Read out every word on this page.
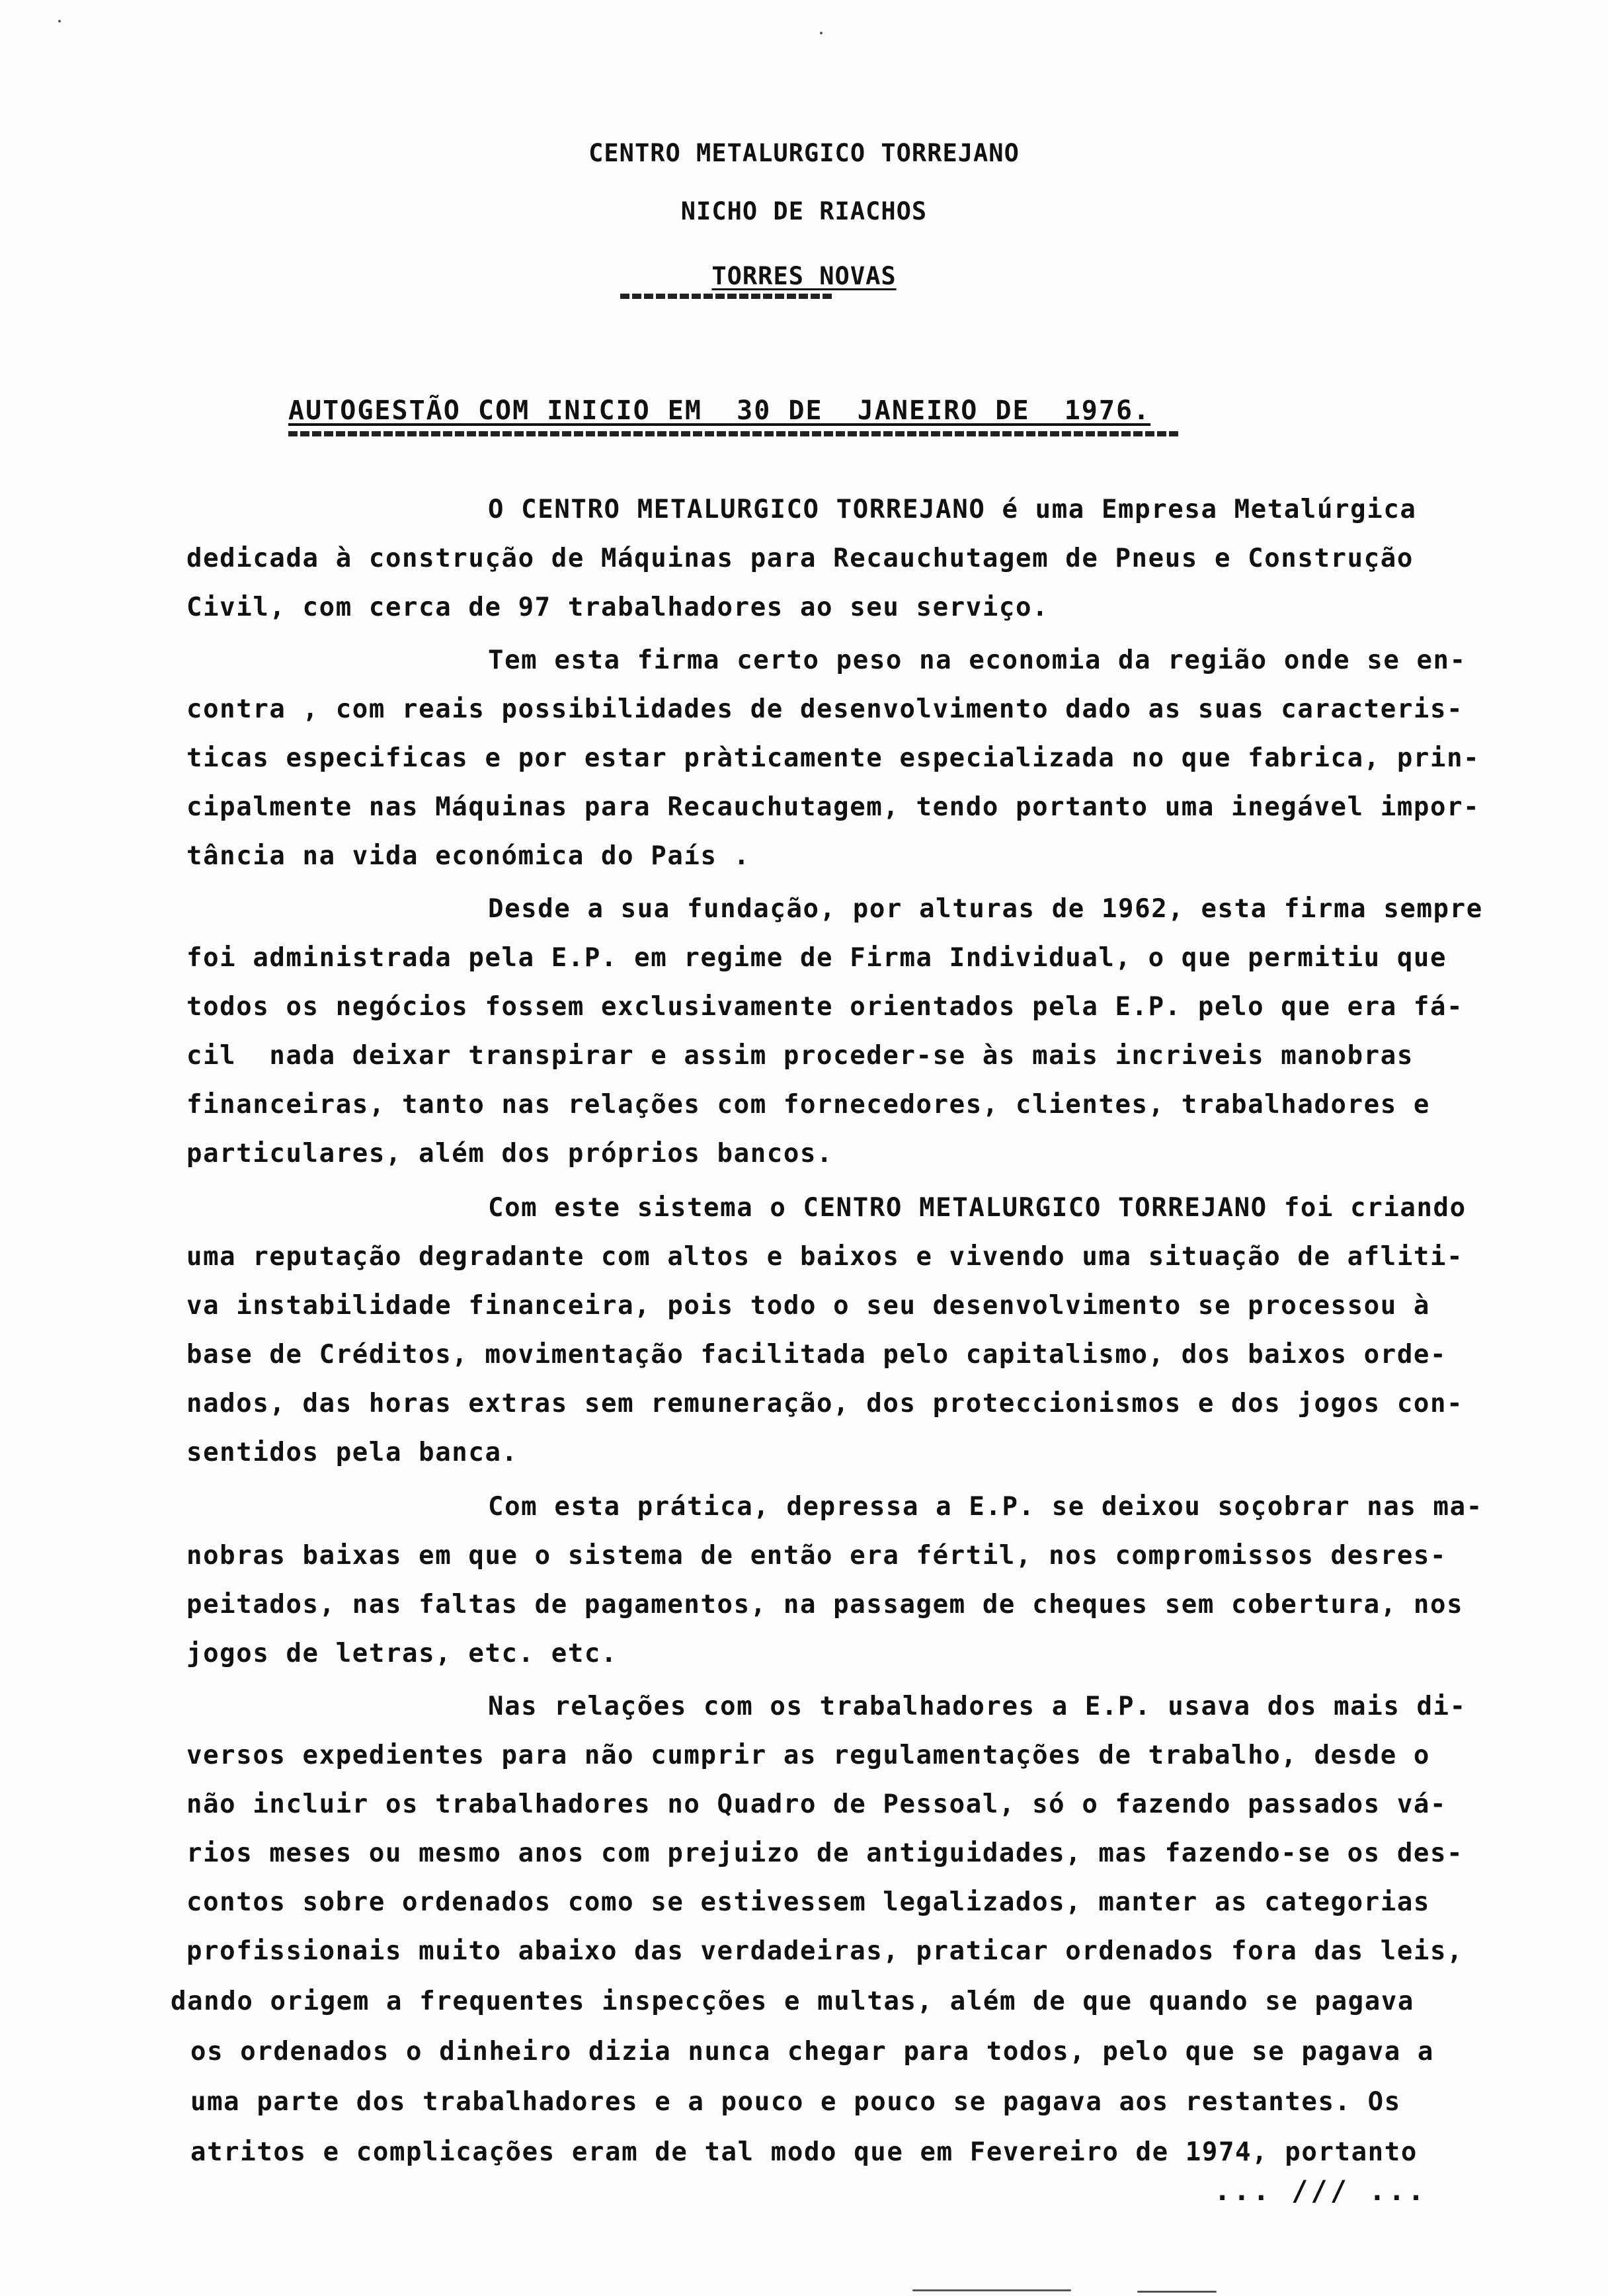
CENTRO METALURGICO TORREJANO
NICHO DE RIACHOS
TORRES NOVAS
AUTOGESTÃO COM INICIO EM  30 DE  JANEIRO DE  1976.
O CENTRO METALURGICO TORREJANO é uma Empresa Metalúrgica
dedicada à construção de Máquinas para Recauchutagem de Pneus e Construção
Civil, com cerca de 97 trabalhadores ao seu serviço.
Tem esta firma certo peso na economia da região onde se en-
contra , com reais possibilidades de desenvolvimento dado as suas caracteris-
ticas especificas e por estar pràticamente especializada no que fabrica, prin-
cipalmente nas Máquinas para Recauchutagem, tendo portanto uma inegável impor-
tância na vida económica do País .
Desde a sua fundação, por alturas de 1962, esta firma sempre
foi administrada pela E.P. em regime de Firma Individual, o que permitiu que
todos os negócios fossem exclusivamente orientados pela E.P. pelo que era fá-
cil  nada deixar transpirar e assim proceder-se às mais incriveis manobras
financeiras, tanto nas relações com fornecedores, clientes, trabalhadores e
particulares, além dos próprios bancos.
Com este sistema o CENTRO METALURGICO TORREJANO foi criando
uma reputação degradante com altos e baixos e vivendo uma situação de afliti-
va instabilidade financeira, pois todo o seu desenvolvimento se processou à
base de Créditos, movimentação facilitada pelo capitalismo, dos baixos orde-
nados, das horas extras sem remuneração, dos proteccionismos e dos jogos con-
sentidos pela banca.
Com esta prática, depressa a E.P. se deixou soçobrar nas ma-
nobras baixas em que o sistema de então era fértil, nos compromissos desres-
peitados, nas faltas de pagamentos, na passagem de cheques sem cobertura, nos
jogos de letras, etc. etc.
Nas relações com os trabalhadores a E.P. usava dos mais di-
versos expedientes para não cumprir as regulamentações de trabalho, desde o
não incluir os trabalhadores no Quadro de Pessoal, só o fazendo passados vá-
rios meses ou mesmo anos com prejuizo de antiguidades, mas fazendo-se os des-
contos sobre ordenados como se estivessem legalizados, manter as categorias
profissionais muito abaixo das verdadeiras, praticar ordenados fora das leis,
dando origem a frequentes inspecções e multas, além de que quando se pagava
os ordenados o dinheiro dizia nunca chegar para todos, pelo que se pagava a
uma parte dos trabalhadores e a pouco e pouco se pagava aos restantes. Os
atritos e complicações eram de tal modo que em Fevereiro de 1974, portanto
... /// ...
